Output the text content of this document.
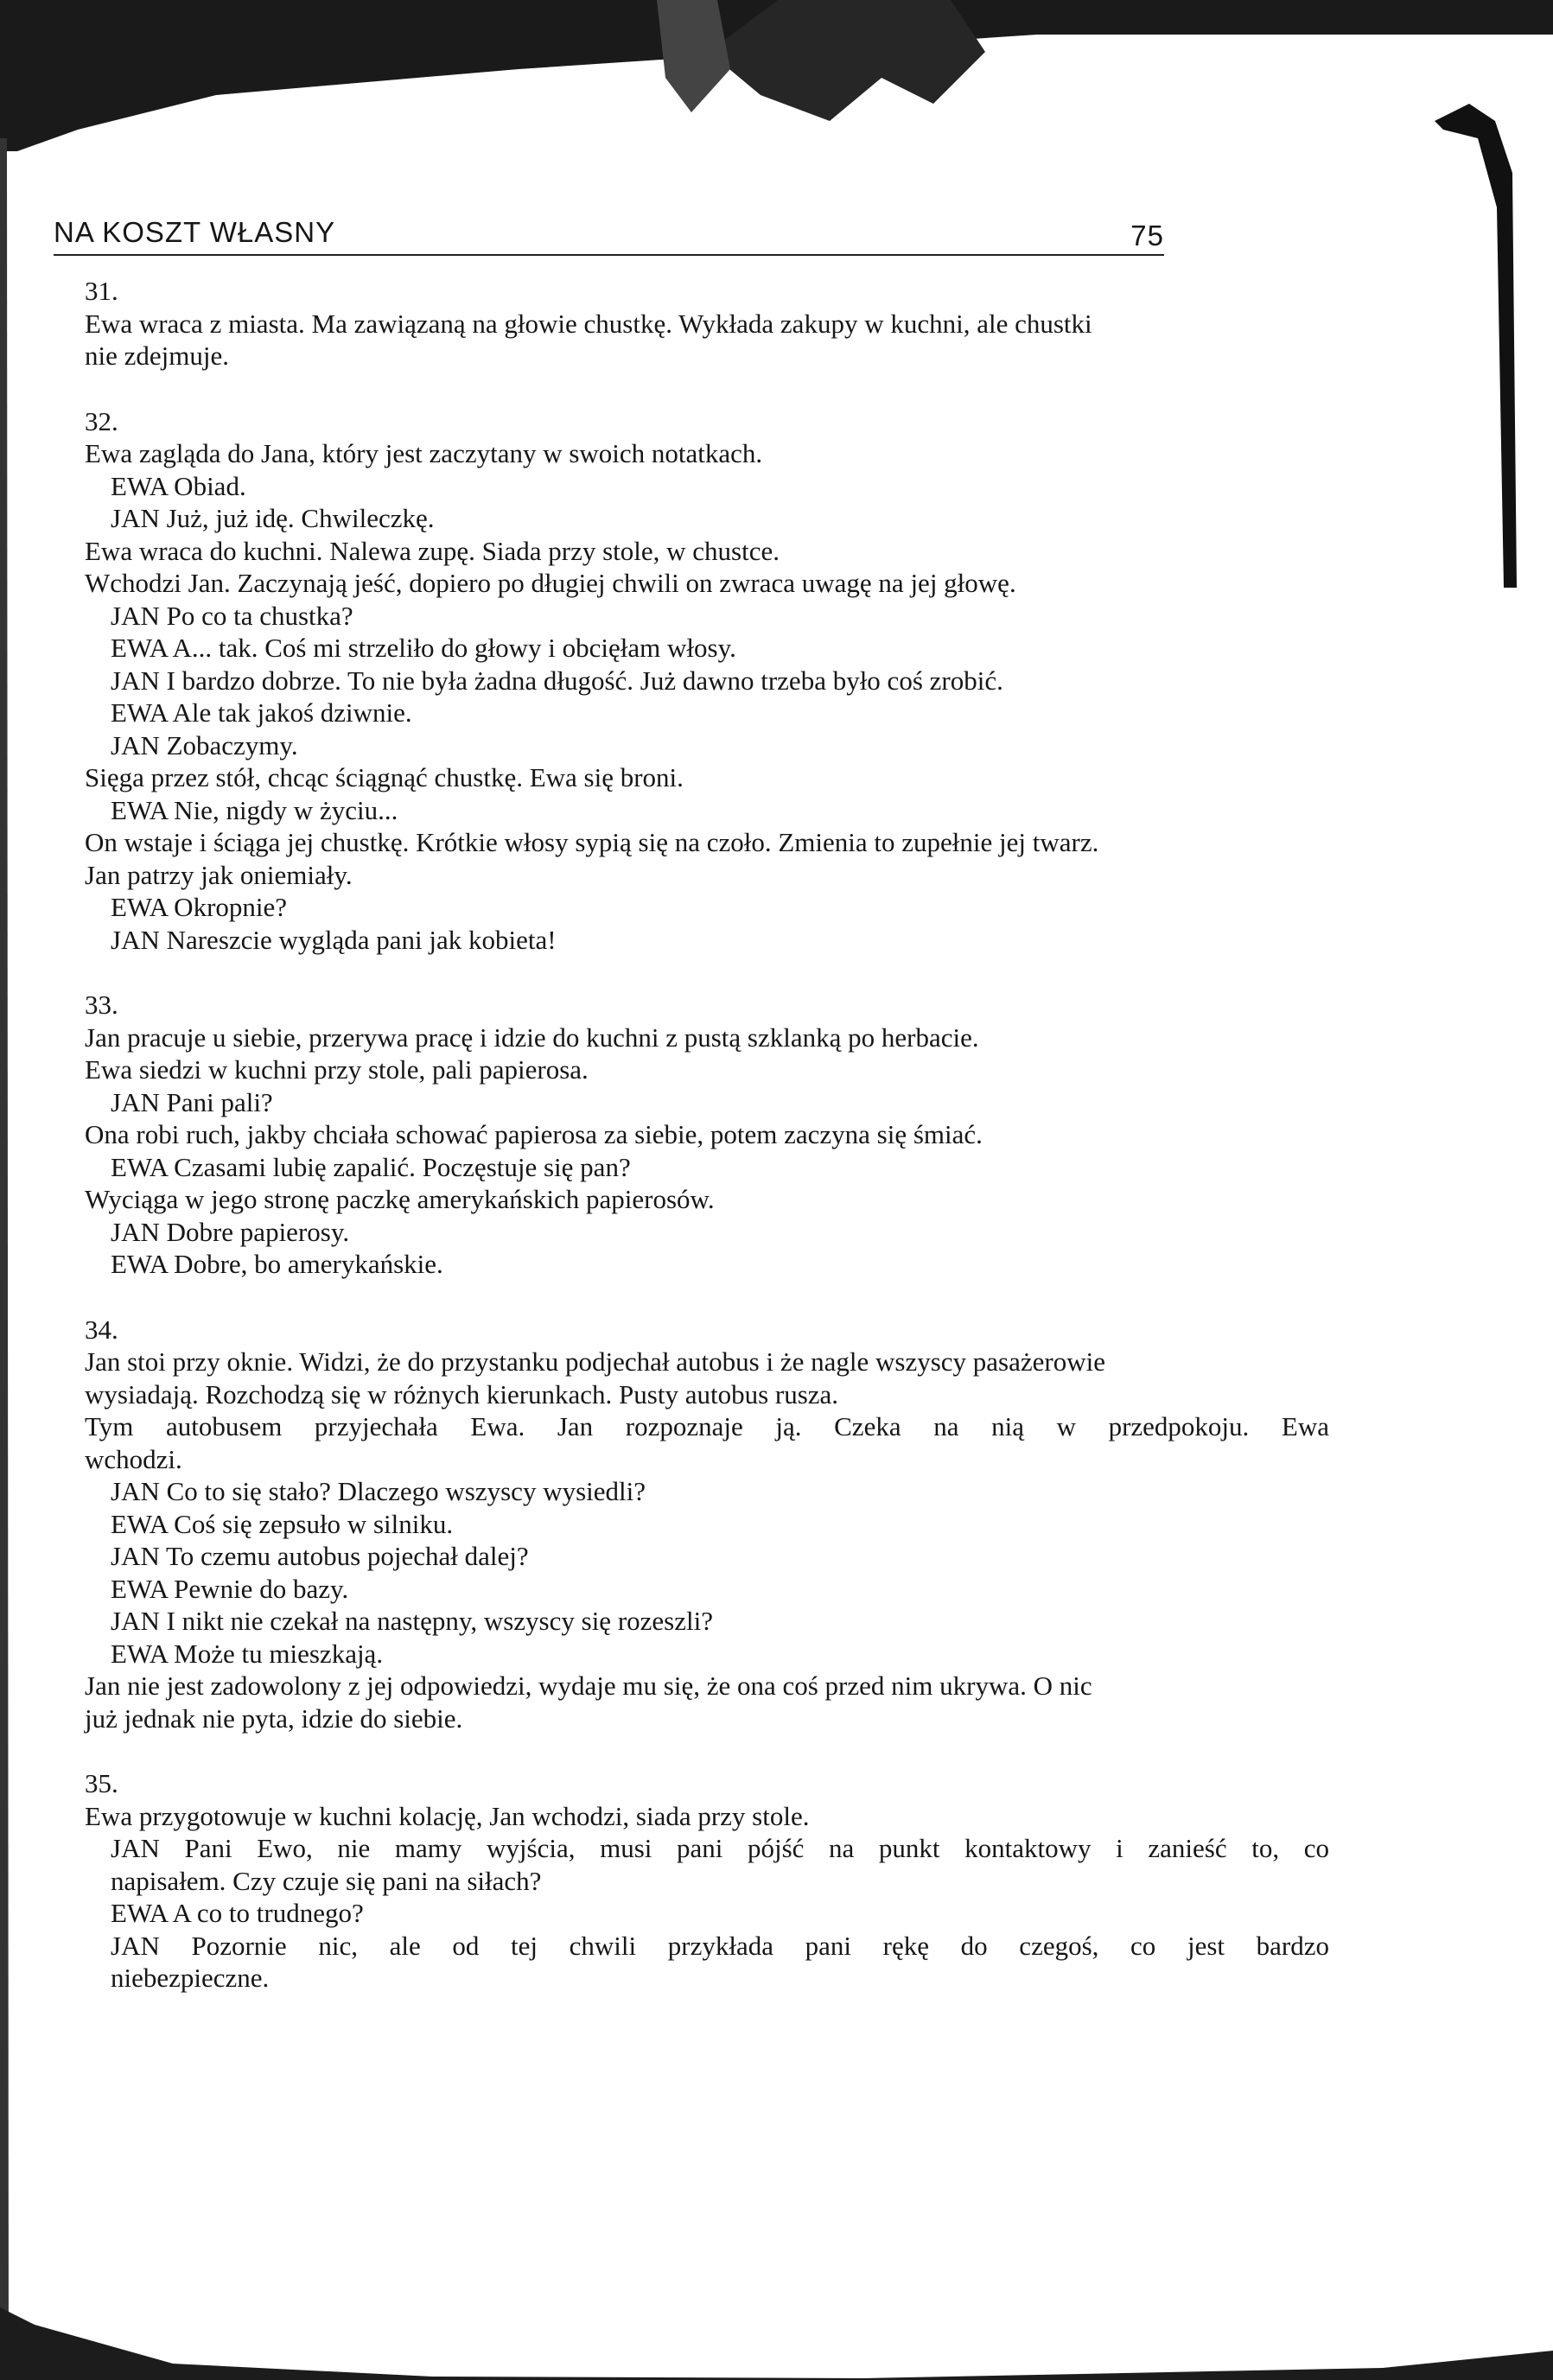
NA KOSZT WŁASNY	75
31.
Ewa wraca z miasta. Ma zawiązaną na głowie chustkę. Wykłada zakupy w kuchni, ale chustki
nie zdejmuje.
32.
Ewa zagląda do Jana, który jest zaczytany w swoich notatkach.
EWA Obiad.
JAN Już, już idę. Chwileczkę.
Ewa wraca do kuchni. Nalewa zupę. Siada przy stole, w chustce.
Wchodzi Jan. Zaczynają jeść, dopiero po długiej chwili on zwraca uwagę na jej głowę.
JAN Po co ta chustka?
EWA A... tak. Coś mi strzeliło do głowy i obcięłam włosy.
JAN I bardzo dobrze. To nie była żadna długość. Już dawno trzeba było coś zrobić.
EWA Ale tak jakoś dziwnie.
JAN Zobaczymy.
Sięga przez stół, chcąc ściągnąć chustkę. Ewa się broni.
EWA Nie, nigdy w życiu...
On wstaje i ściąga jej chustkę. Krótkie włosy sypią się na czoło. Zmienia to zupełnie jej twarz.
Jan patrzy jak oniemiały.
EWA Okropnie?
JAN Nareszcie wygląda pani jak kobieta!
33.
Jan pracuje u siebie, przerywa pracę i idzie do kuchni z pustą szklanką po herbacie.
Ewa siedzi w kuchni przy stole, pali papierosa.
JAN Pani pali?
Ona robi ruch, jakby chciała schować papierosa za siebie, potem zaczyna się śmiać.
EWA Czasami lubię zapalić. Poczęstuje się pan?
Wyciąga w jego stronę paczkę amerykańskich papierosów.
JAN Dobre papierosy.
EWA Dobre, bo amerykańskie.
34.
Jan stoi przy oknie. Widzi, że do przystanku podjechał autobus i że nagle wszyscy pasażerowie
wysiadają. Rozchodzą się w różnych kierunkach. Pusty autobus rusza.
Tym autobusem przyjechała Ewa. Jan rozpoznaje ją. Czeka na nią w przedpokoju. Ewa
wchodzi.
JAN Co to się stało? Dlaczego wszyscy wysiedli?
EWA Coś się zepsuło w silniku.
JAN To czemu autobus pojechał dalej?
EWA Pewnie do bazy.
JAN I nikt nie czekał na następny, wszyscy się rozeszli?
EWA Może tu mieszkają.
Jan nie jest zadowolony z jej odpowiedzi, wydaje mu się, że ona coś przed nim ukrywa. O nic
już jednak nie pyta, idzie do siebie.
35.
Ewa przygotowuje w kuchni kolację, Jan wchodzi, siada przy stole.
JAN Pani Ewo, nie mamy wyjścia, musi pani pójść na punkt kontaktowy i zanieść to, co
napisałem. Czy czuje się pani na siłach?
EWA A co to trudnego?
JAN Pozornie nic, ale od tej chwili przykłada pani rękę do czegoś, co jest bardzo
niebezpieczne.
